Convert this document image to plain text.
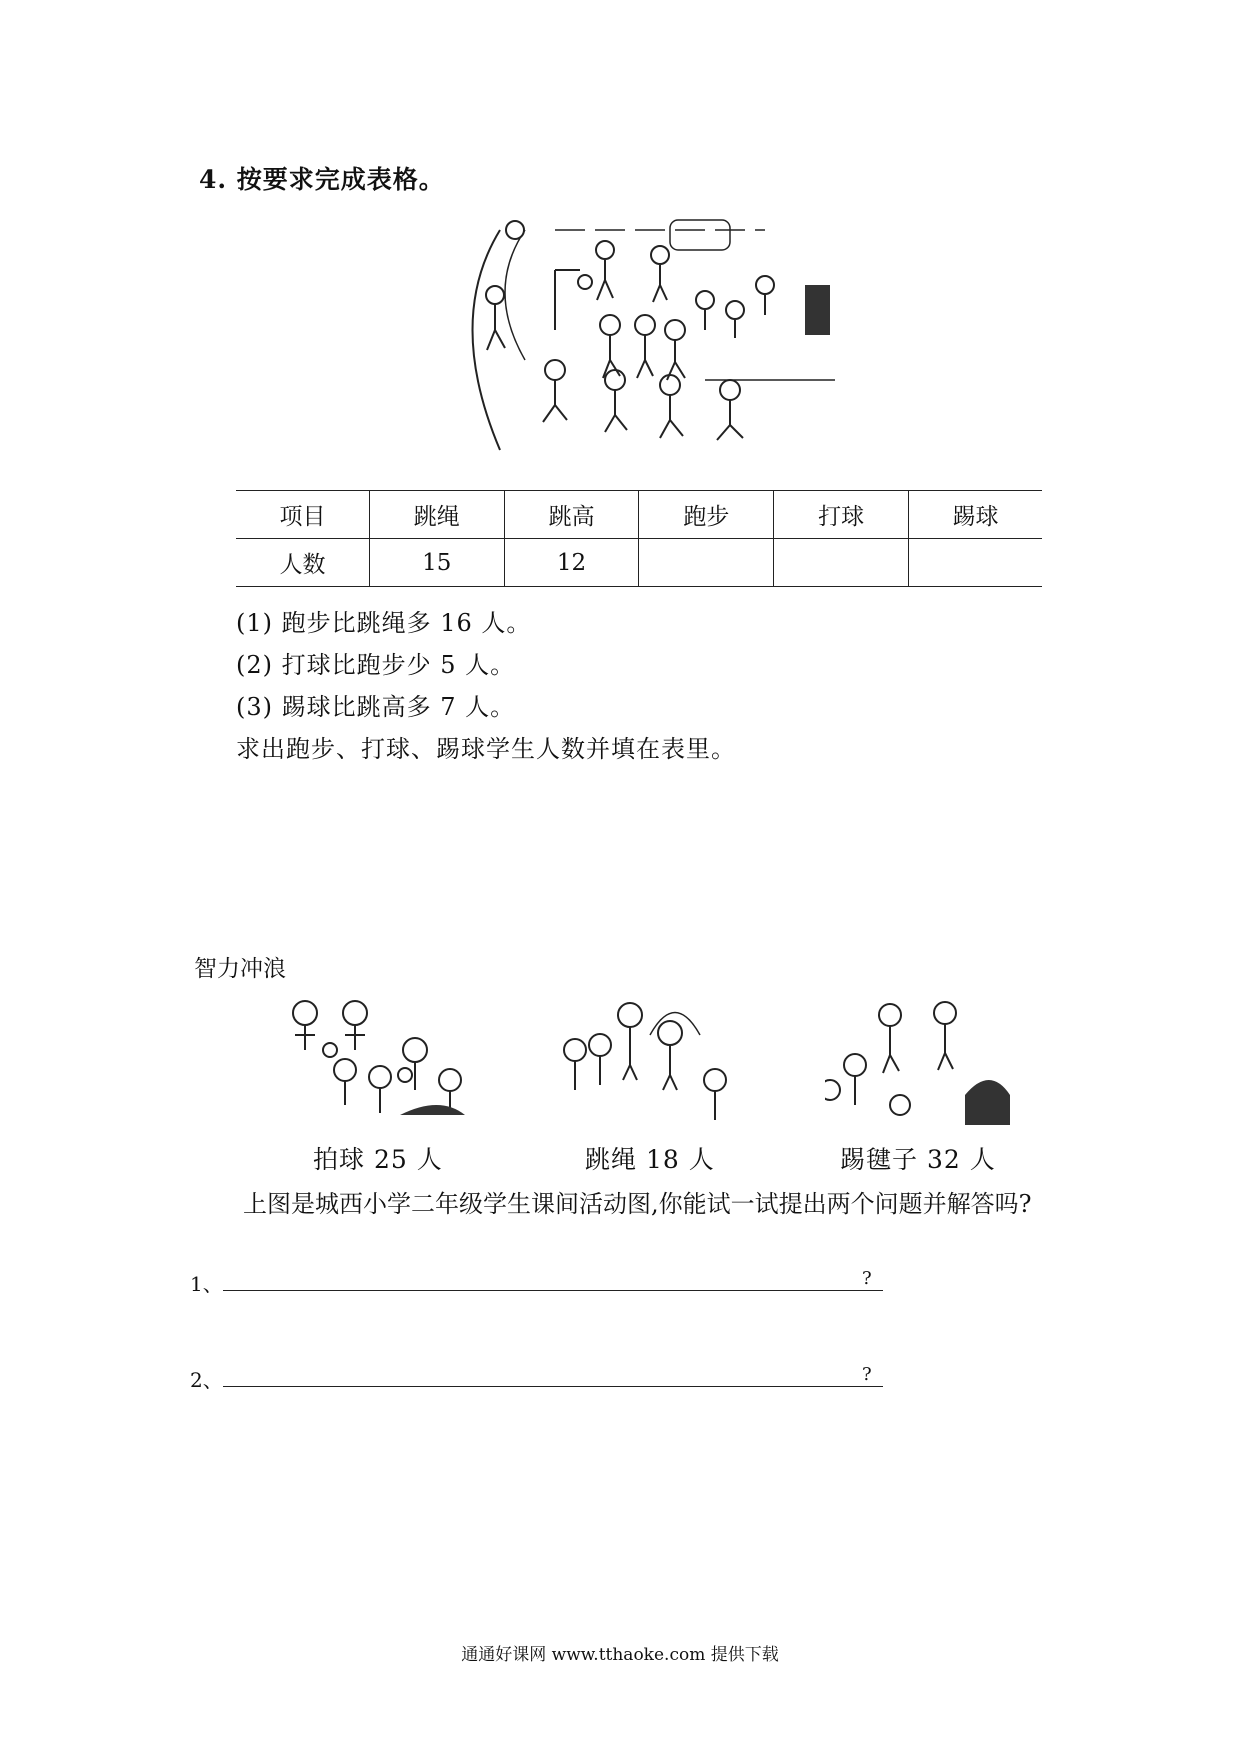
4. 按要求完成表格。
项目	跳绳	跳高	跑步	打球	踢球
人数	15	12			
(1) 跑步比跳绳多 16 人。
(2) 打球比跑步少 5 人。
(3) 踢球比跳高多 7 人。
求出跑步、打球、踢球学生人数并填在表里。
智力冲浪
拍球 25 人	跳绳 18 人	踢毽子 32 人
上图是城西小学二年级学生课间活动图,你能试一试提出两个问题并解答吗?
1、	?
2、	?
通通好课网 www.tthaoke.com 提供下载
